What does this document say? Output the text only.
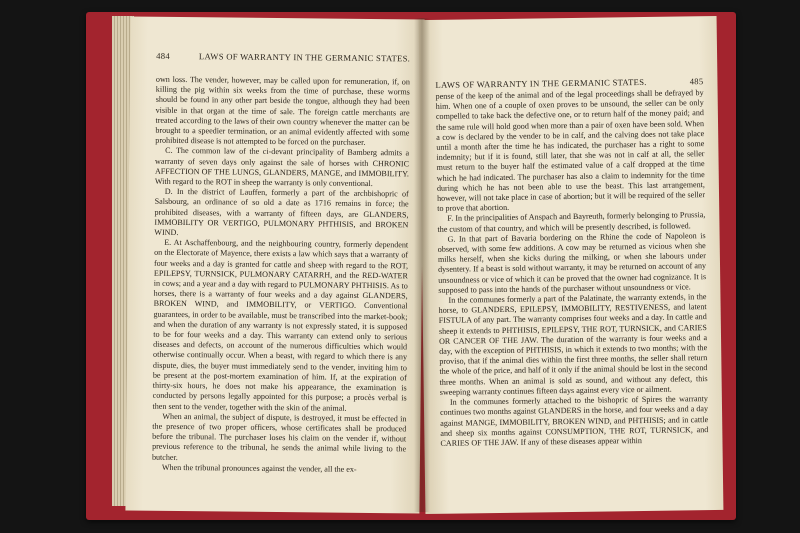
484	LAWS OF WARRANTY IN THE GERMANIC STATES.

own loss. The vender, however, may be called upon for remuneration, if, on killing the pig within six weeks from the time of purchase, these worms should be found in any other part beside the tongue, although they had been visible in that organ at the time of sale. The foreign cattle merchants are treated according to the laws of their own country whenever the matter can be brought to a speedier termination, or an animal evidently affected with some prohibited disease is not attempted to be forced on the purchaser.

C. The common law of the ci-devant principality of Bamberg admits a warranty of seven days only against the sale of horses with CHRONIC AFFECTION OF THE LUNGS, GLANDERS, MANGE, and IMMOBILITY. With regard to the ROT in sheep the warranty is only conventional.

D. In the district of Lauffen, formerly a part of the archbishopric of Salsbourg, an ordinance of so old a date as 1716 remains in force; the prohibited diseases, with a warranty of fifteen days, are GLANDERS, IMMOBILITY OR VERTIGO, PULMONARY PHTHISIS, and BROKEN WIND.

E. At Aschaffenbourg, and the neighbouring country, formerly dependent on the Electorate of Mayence, there exists a law which says that a warranty of four weeks and a day is granted for cattle and sheep with regard to the ROT, EPILEPSY, TURNSICK, PULMONARY CATARRH, and the RED-WATER in cows; and a year and a day with regard to PULMONARY PHTHISIS. As to horses, there is a warranty of four weeks and a day against GLANDERS, BROKEN WIND, and IMMOBILITY, or VERTIGO. Conventional guarantees, in order to be available, must be transcribed into the market-book; and when the duration of any warranty is not expressly stated, it is supposed to be for four weeks and a day. This warranty can extend only to serious diseases and defects, on account of the numerous difficulties which would otherwise continually occur. When a beast, with regard to which there is any dispute, dies, the buyer must immediately send to the vender, inviting him to be present at the post-mortem examination of him. If, at the expiration of thirty-six hours, he does not make his appearance, the examination is conducted by persons legally appointed for this purpose; a procès verbal is then sent to the vender, together with the skin of the animal.

When an animal, the subject of dispute, is destroyed, it must be effected in the presence of two proper officers, whose certificates shall be produced before the tribunal. The purchaser loses his claim on the vender if, without previous reference to the tribunal, he sends the animal while living to the butcher.

When the tribunal pronounces against the vender, all the ex-

LAWS OF WARRANTY IN THE GERMANIC STATES.	485

pense of the keep of the animal and of the legal proceedings shall be defrayed by him. When one of a couple of oxen proves to be unsound, the seller can be only compelled to take back the defective one, or to return half of the money paid; and the same rule will hold good when more than a pair of oxen have been sold. When a cow is declared by the vender to be in calf, and the calving does not take place until a month after the time he has indicated, the purchaser has a right to some indemnity; but if it is found, still later, that she was not in calf at all, the seller must return to the buyer half the estimated value of a calf dropped at the time which he had indicated. The purchaser has also a claim to indemnity for the time during which he has not been able to use the beast. This last arrangement, however, will not take place in case of abortion; but it will be required of the seller to prove that abortion.

F. In the principalities of Anspach and Bayreuth, formerly belonging to Prussia, the custom of that country, and which will be presently described, is followed.

G. In that part of Bavaria bordering on the Rhine the code of Napoleon is observed, with some few additions. A cow may be returned as vicious when she milks herself, when she kicks during the milking, or when she labours under dysentery. If a beast is sold without warranty, it may be returned on account of any unsoundness or vice of which it can be proved that the owner had cognizance. It is supposed to pass into the hands of the purchaser without unsoundness or vice.

In the communes formerly a part of the Palatinate, the warranty extends, in the horse, to GLANDERS, EPILEPSY, IMMOBILITY, RESTIVENESS, and latent FISTULA of any part. The warranty comprises four weeks and a day. In cattle and sheep it extends to PHTHISIS, EPILEPSY, THE ROT, TURNSICK, and CARIES OR CANCER OF THE JAW. The duration of the warranty is four weeks and a day, with the exception of PHTHISIS, in which it extends to two months; with the proviso, that if the animal dies within the first three months, the seller shall return the whole of the price, and half of it only if the animal should be lost in the second three months. When an animal is sold as sound, and without any defect, this sweeping warranty continues fifteen days against every vice or ailment.

In the communes formerly attached to the bishopric of Spires the warranty continues two months against GLANDERS in the horse, and four weeks and a day against MANGE, IMMOBILITY, BROKEN WIND, and PHTHISIS; and in cattle and sheep six months against CONSUMPTION, THE ROT, TURNSICK, and CARIES OF THE JAW. If any of these diseases appear within
